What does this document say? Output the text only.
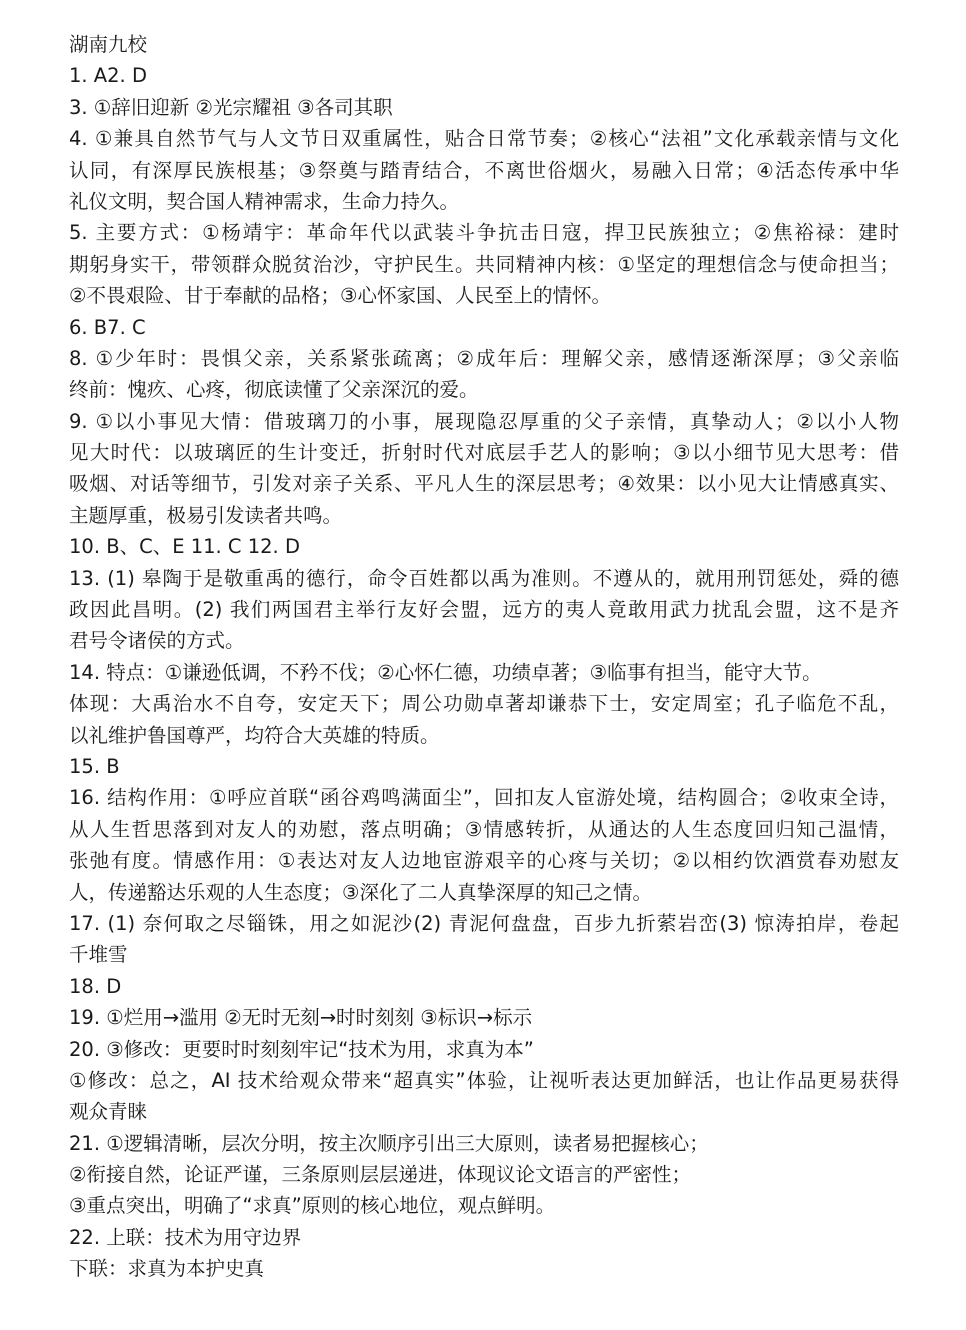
湖南九校
1. A2. D
3. ①辞旧迎新 ②光宗耀祖 ③各司其职
4. ①兼具自然节气与人文节日双重属性，贴合日常节奏；②核心“法祖”文化承载亲情与文化
认同，有深厚民族根基；③祭奠与踏青结合，不离世俗烟火，易融入日常；④活态传承中华
礼仪文明，契合国人精神需求，生命力持久。
5. 主要方式：①杨靖宇：革命年代以武装斗争抗击日寇，捍卫民族独立；②焦裕禄：建时
期躬身实干，带领群众脱贫治沙，守护民生。共同精神内核：①坚定的理想信念与使命担当；
②不畏艰险、甘于奉献的品格；③心怀家国、人民至上的情怀。
6. B7. C
8. ①少年时：畏惧父亲，关系紧张疏离；②成年后：理解父亲，感情逐渐深厚；③父亲临
终前：愧疚、心疼，彻底读懂了父亲深沉的爱。
9. ①以小事见大情：借玻璃刀的小事，展现隐忍厚重的父子亲情，真挚动人；②以小人物
见大时代：以玻璃匠的生计变迁，折射时代对底层手艺人的影响；③以小细节见大思考：借
吸烟、对话等细节，引发对亲子关系、平凡人生的深层思考；④效果：以小见大让情感真实、
主题厚重，极易引发读者共鸣。
10. B、C、E 11. C 12. D
13. (1) 皋陶于是敬重禹的德行，命令百姓都以禹为准则。不遵从的，就用刑罚惩处，舜的德
政因此昌明。(2) 我们两国君主举行友好会盟，远方的夷人竟敢用武力扰乱会盟，这不是齐
君号令诸侯的方式。
14. 特点：①谦逊低调，不矜不伐；②心怀仁德，功绩卓著；③临事有担当，能守大节。
体现：大禹治水不自夸，安定天下；周公功勋卓著却谦恭下士，安定周室；孔子临危不乱，
以礼维护鲁国尊严，均符合大英雄的特质。
15. B
16. 结构作用：①呼应首联“函谷鸡鸣满面尘”，回扣友人宦游处境，结构圆合；②收束全诗，
从人生哲思落到对友人的劝慰，落点明确；③情感转折，从通达的人生态度回归知己温情，
张弛有度。情感作用：①表达对友人边地宦游艰辛的心疼与关切；②以相约饮酒赏春劝慰友
人，传递豁达乐观的人生态度；③深化了二人真挚深厚的知己之情。
17. (1) 奈何取之尽锱铢，用之如泥沙(2) 青泥何盘盘，百步九折萦岩峦(3) 惊涛拍岸，卷起
千堆雪
18. D
19. ①烂用→滥用 ②无时无刻→时时刻刻 ③标识→标示
20. ③修改：更要时时刻刻牢记“技术为用，求真为本”
①修改：总之，AI 技术给观众带来“超真实”体验，让视听表达更加鲜活，也让作品更易获得
观众青睐
21. ①逻辑清晰，层次分明，按主次顺序引出三大原则，读者易把握核心；
②衔接自然，论证严谨，三条原则层层递进，体现议论文语言的严密性；
③重点突出，明确了“求真”原则的核心地位，观点鲜明。
22. 上联：技术为用守边界
下联：求真为本护史真
